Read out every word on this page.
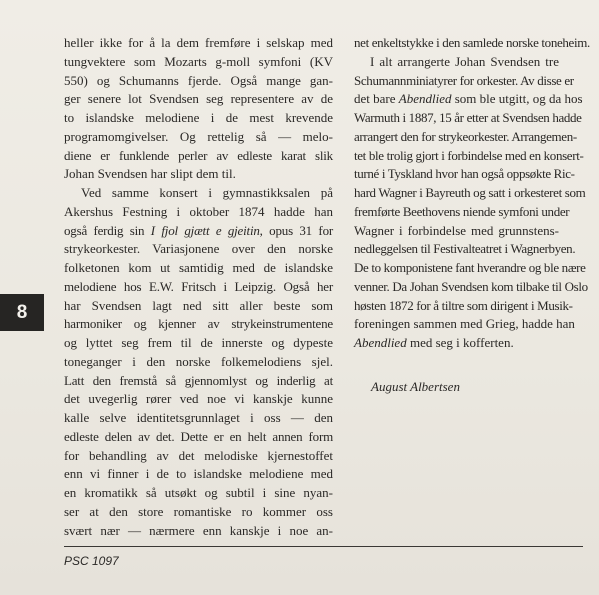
heller ikke for å la dem fremføre i selskap med
tungvektere som Mozarts g-moll symfoni (KV
550) og Schumanns fjerde. Også mange gan-
ger senere lot Svendsen seg representere av de
to islandske melodiene i de mest krevende
programomgivelser. Og rettelig så — melo-
diene er funklende perler av edleste karat slik
Johan Svendsen har slipt dem til.
Ved samme konsert i gymnastikksalen på
Akershus Festning i oktober 1874 hadde han
også ferdig sin I fjol gjætt e gjeitin, opus 31 for
strykeorkester. Variasjonene over den norske
folketonen kom ut samtidig med de islandske
melodiene hos E.W. Fritsch i Leipzig. Også her
har Svendsen lagt ned sitt aller beste som
harmoniker og kjenner av strykeinstrumentene
og lyttet seg frem til de innerste og dypeste
toneganger i den norske folkemelodiens sjel.
Latt den fremstå så gjennomlyst og inderlig at
det uvegerlig rører ved noe vi kanskje kunne
kalle selve identitetsgrunnlaget i oss — den
edleste delen av det. Dette er en helt annen form
for behandling av det melodiske kjernestoffet
enn vi finner i de to islandske melodiene med
en kromatikk så utsøkt og subtil i sine nyan-
ser at den store romantiske ro kommer oss
svært nær — nærmere enn kanskje i noe an-
net enkeltstykke i den samlede norske toneheim.
I alt arrangerte Johan Svendsen tre
Schumannminiatyrer for orkester. Av disse er
det bare Abendlied som ble utgitt, og da hos
Warmuth i 1887, 15 år etter at Svendsen hadde
arrangert den for strykeorkester. Arrangemen-
tet ble trolig gjort i forbindelse med en konsert-
turné i Tyskland hvor han også oppsøkte Ric-
hard Wagner i Bayreuth og satt i orkesteret som
fremførte Beethovens niende symfoni under
Wagner i forbindelse med grunnstens-
nedleggelsen til Festivalteatret i Wagnerbyen.
De to komponistene fant hverandre og ble nære
venner. Da Johan Svendsen kom tilbake til Oslo
høsten 1872 for å tiltre som dirigent i Musik-
foreningen sammen med Grieg, hadde han
Abendlied med seg i kofferten.
August Albertsen
8
PSC 1097
